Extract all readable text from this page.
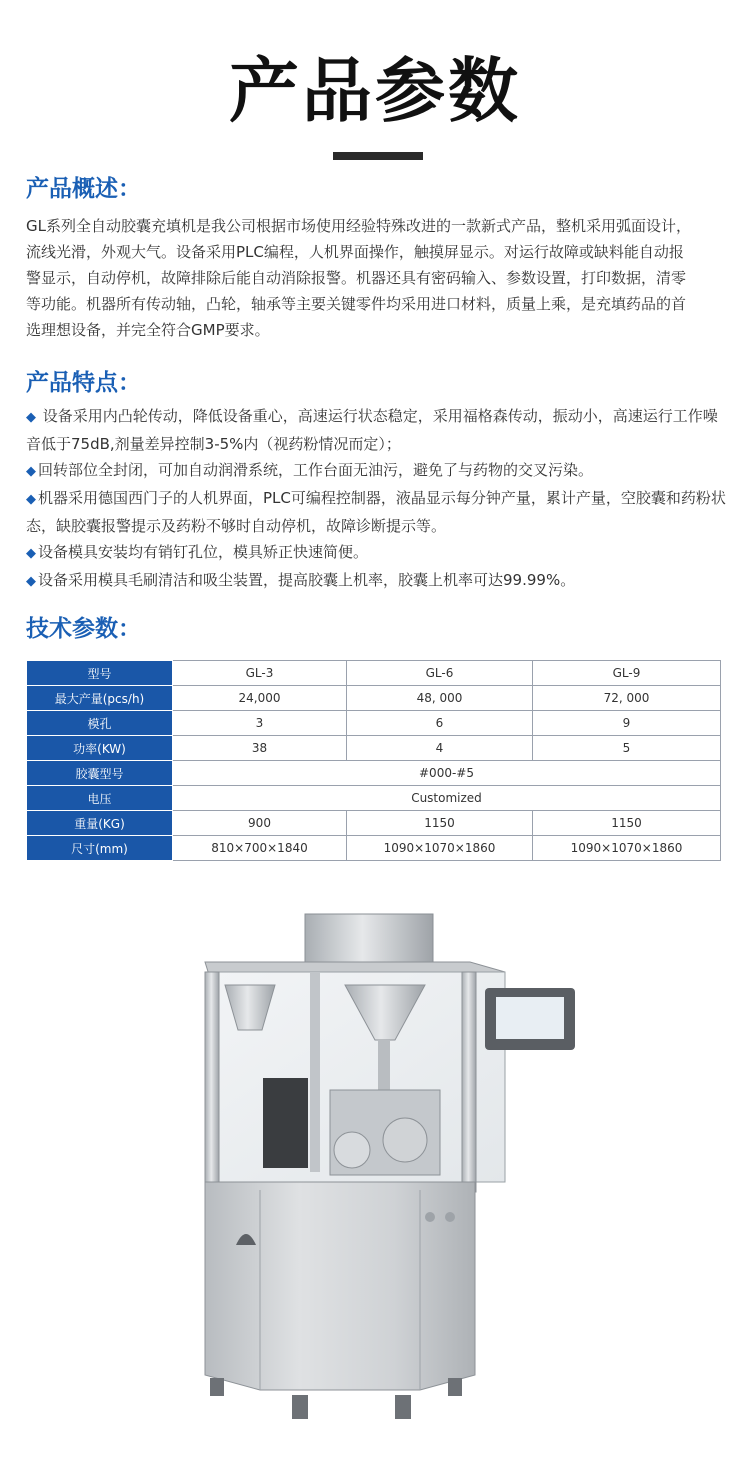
产品参数
产品概述：
GL系列全自动胶囊充填机是我公司根据市场使用经验特殊改进的一款新式产品，整机采用弧面设计，
流线光滑，外观大气。设备采用PLC编程，人机界面操作，触摸屏显示。对运行故障或缺料能自动报
警显示，自动停机，故障排除后能自动消除报警。机器还具有密码输入、参数设置，打印数据，清零
等功能。机器所有传动轴，凸轮，轴承等主要关键零件均采用进口材料，质量上乘，是充填药品的首
选理想设备，并完全符合GMP要求。
产品特点：
◆ 设备采用内凸轮传动，降低设备重心，高速运行状态稳定，采用福格森传动，振动小，高速运行工作噪音低于75dB,剂量差异控制3-5%内（视药粉情况而定）；
◆ 回转部位全封闭，可加自动润滑系统，工作台面无油污，避免了与药物的交叉污染。
◆ 机器采用德国西门子的人机界面，PLC可编程控制器，液晶显示每分钟产量，累计产量，空胶囊和药粉状态，缺胶囊报警提示及药粉不够时自动停机，故障诊断提示等。
◆ 设备模具安装均有销钉孔位，模具矫正快速简便。
◆ 设备采用模具毛刷清洁和吸尘装置，提高胶囊上机率，胶囊上机率可达99.99%。
技术参数：
型号	GL-3	GL-6	GL-9
最大产量(pcs/h)	24,000	48, 000	72, 000
模孔	3	6	9
功率(KW)	38	4	5
胶囊型号	#000-#5		
电压	Customized		
重量(KG)	900	1150	1150
尺寸(mm)	810×700×1840	1090×1070×1860	1090×1070×1860
